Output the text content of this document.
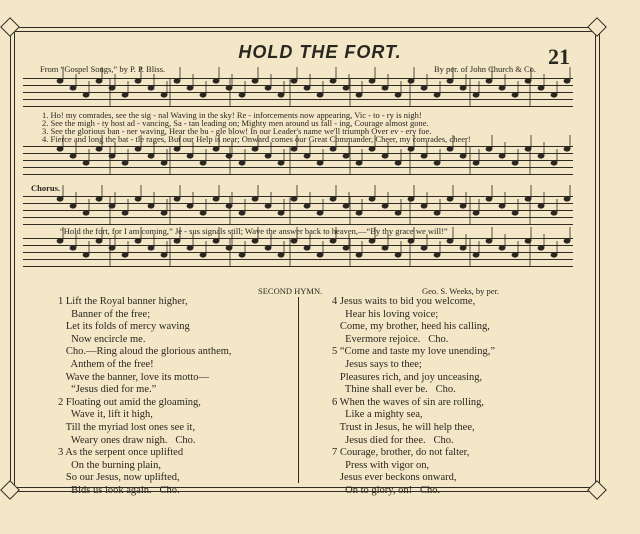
HOLD THE FORT.	21
From “Gospel Songs,” by P. P. Bliss.	By per. of John Church & Co.
1. Ho! my comrades, see the sig - nal Waving in the sky! Re - inforcements now appearing, Vic - to - ry is nigh!
2. See the migh - ty host ad - vancing, Sa - tan leading on; Mighty men around us fall - ing, Courage almost gone.
3. See the glorious ban - ner waving, Hear the bu - gle blow! In our Leader's name we'll triumph Over ev - ery foe.
4. Fierce and long the bat - tle rages, But our Help is near; Onward comes our Great Commander, Cheer, my comrades, cheer!
Chorus.
“Hold the fort, for I am coming,” Je - sus signals still; Wave the answer back to heaven,—“By thy grace we will!”
SECOND HYMN.	Geo. S. Weeks, by per.
1 Lift the Royal banner higher,
Banner of the free;
Let its folds of mercy waving
Now encircle me.
Cho.—Ring aloud the glorious anthem,
Anthem of the free!
Wave the banner, love its motto—
“Jesus died for me.”
2 Floating out amid the gloaming,
Wave it, lift it high,
Till the myriad lost ones see it,
Weary ones draw nigh.   Cho.
3 As the serpent once uplifted
On the burning plain,
So our Jesus, now uplifted,
Bids us look again.   Cho.
4 Jesus waits to bid you welcome,
Hear his loving voice;
Come, my brother, heed his calling,
Evermore rejoice.   Cho.
5 “Come and taste my love unending,”
Jesus says to thee;
Pleasures rich, and joy unceasing,
Thine shall ever be.   Cho.
6 When the waves of sin are rolling,
Like a mighty sea,
Trust in Jesus, he will help thee,
Jesus died for thee.   Cho.
7 Courage, brother, do not falter,
Press with vigor on,
Jesus ever beckons onward,
On to glory, on!   Cho.
